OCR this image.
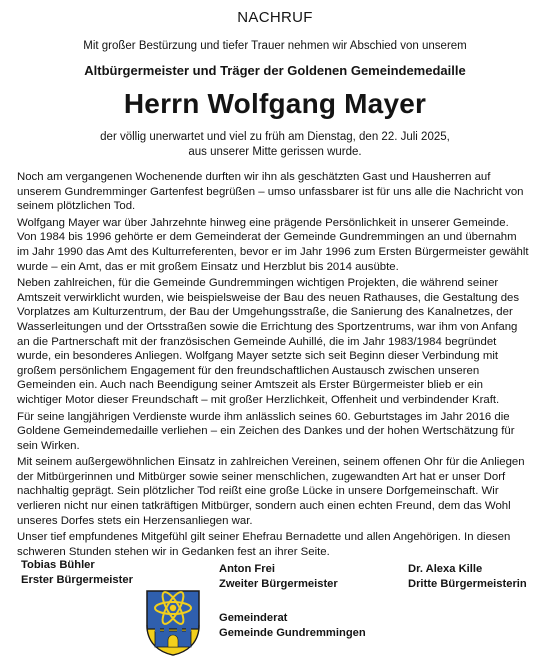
NACHRUF
Mit großer Bestürzung und tiefer Trauer nehmen wir Abschied von unserem
Altbürgermeister und Träger der Goldenen Gemeindemedaille
Herrn Wolfgang Mayer
der völlig unerwartet und viel zu früh am Dienstag, den 22. Juli 2025,
aus unserer Mitte gerissen wurde.

Noch am vergangenen Wochenende durften wir ihn als geschätzten Gast und Hausherren auf
unserem Gundremminger Gartenfest begrüßen – umso unfassbarer ist für uns alle die Nachricht von
seinem plötzlichen Tod.

Wolfgang Mayer war über Jahrzehnte hinweg eine prägende Persönlichkeit in unserer Gemeinde.
Von 1984 bis 1996 gehörte er dem Gemeinderat der Gemeinde Gundremmingen an und übernahm
im Jahr 1990 das Amt des Kulturreferenten, bevor er im Jahr 1996 zum Ersten Bürgermeister gewählt
wurde – ein Amt, das er mit großem Einsatz und Herzblut bis 2014 ausübte.

Neben zahlreichen, für die Gemeinde Gundremmingen wichtigen Projekten, die während seiner
Amtszeit verwirklicht wurden, wie beispielsweise der Bau des neuen Rathauses, die Gestaltung des
Vorplatzes am Kulturzentrum, der Bau der Umgehungsstraße, die Sanierung des Kanalnetzes, der
Wasserleitungen und der Ortsstraßen sowie die Errichtung des Sportzentrums, war ihm von Anfang
an die Partnerschaft mit der französischen Gemeinde Auhillé, die im Jahr 1983/1984 begründet
wurde, ein besonderes Anliegen. Wolfgang Mayer setzte sich seit Beginn dieser Verbindung mit
großem persönlichem Engagement für den freundschaftlichen Austausch zwischen unseren
Gemeinden ein. Auch nach Beendigung seiner Amtszeit als Erster Bürgermeister blieb er ein
wichtiger Motor dieser Freundschaft – mit großer Herzlichkeit, Offenheit und verbindender Kraft.

Für seine langjährigen Verdienste wurde ihm anlässlich seines 60. Geburtstages im Jahr 2016 die
Goldene Gemeindemedaille verliehen – ein Zeichen des Dankes und der hohen Wertschätzung für
sein Wirken.

Mit seinem außergewöhnlichen Einsatz in zahlreichen Vereinen, seinem offenen Ohr für die Anliegen
der Mitbürgerinnen und Mitbürger sowie seiner menschlichen, zugewandten Art hat er unser Dorf
nachhaltig geprägt. Sein plötzlicher Tod reißt eine große Lücke in unsere Dorfgemeinschaft. Wir
verlieren nicht nur einen tatkräftigen Mitbürger, sondern auch einen echten Freund, dem das Wohl
unseres Dorfes stets ein Herzensanliegen war.

Unser tief empfundenes Mitgefühl gilt seiner Ehefrau Bernadette und allen Angehörigen. In diesen
schweren Stunden stehen wir in Gedanken fest an ihrer Seite.

Tobias Bühler
Erster Bürgermeister
Anton Frei
Zweiter Bürgermeister
Dr. Alexa Kille
Dritte Bürgermeisterin
Gemeinderat
Gemeinde Gundremmingen
